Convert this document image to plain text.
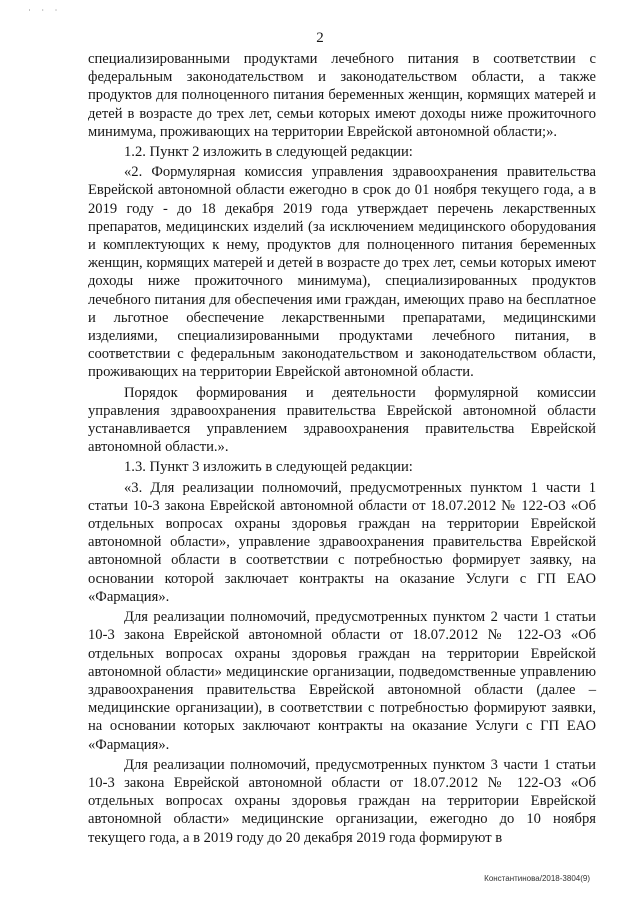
˙ ˙ ˙
2

специализированными продуктами лечебного питания в соответствии с федеральным законодательством и законодательством области, а также продуктов для полноценного питания беременных женщин, кормящих матерей и детей в возрасте до трех лет, семьи которых имеют доходы ниже прожиточного минимума, проживающих на территории Еврейской автономной области;».

1.2. Пункт 2 изложить в следующей редакции:

«2. Формулярная комиссия управления здравоохранения правительства Еврейской автономной области ежегодно в срок до 01 ноября текущего года, а в 2019 году - до 18 декабря 2019 года утверждает перечень лекарственных препаратов, медицинских изделий (за исключением медицинского оборудования и комплектующих к нему, продуктов для полноценного питания беременных женщин, кормящих матерей и детей в возрасте до трех лет, семьи которых имеют доходы ниже прожиточного минимума), специализированных продуктов лечебного питания для обеспечения ими граждан, имеющих право на бесплатное и льготное обеспечение лекарственными препаратами, медицинскими изделиями, специализированными продуктами лечебного питания, в соответствии с федеральным законодательством и законодательством области, проживающих на территории Еврейской автономной области.

Порядок формирования и деятельности формулярной комиссии управления здравоохранения правительства Еврейской автономной области устанавливается управлением здравоохранения правительства Еврейской автономной области.».

1.3. Пункт 3 изложить в следующей редакции:

«3. Для реализации полномочий, предусмотренных пунктом 1 части 1 статьи 10-3 закона Еврейской автономной области от 18.07.2012 № 122-ОЗ «Об отдельных вопросах охраны здоровья граждан на территории Еврейской автономной области», управление здравоохранения правительства Еврейской автономной области в соответствии с потребностью формирует заявку, на основании которой заключает контракты на оказание Услуги с ГП ЕАО «Фармация».

Для реализации полномочий, предусмотренных пунктом 2 части 1 статьи 10-3 закона Еврейской автономной области от 18.07.2012 № 122-ОЗ «Об отдельных вопросах охраны здоровья граждан на территории Еврейской автономной области» медицинские организации, подведомственные управлению здравоохранения правительства Еврейской автономной области (далее – медицинские организации), в соответствии с потребностью формируют заявки, на основании которых заключают контракты на оказание Услуги с ГП ЕАО «Фармация».

Для реализации полномочий, предусмотренных пунктом 3 части 1 статьи 10-3 закона Еврейской автономной области от 18.07.2012 № 122-ОЗ «Об отдельных вопросах охраны здоровья граждан на территории Еврейской автономной области» медицинские организации, ежегодно до 10 ноября текущего года, а в 2019 году до 20 декабря 2019 года формируют в

Константинова/2018-3804(9)
